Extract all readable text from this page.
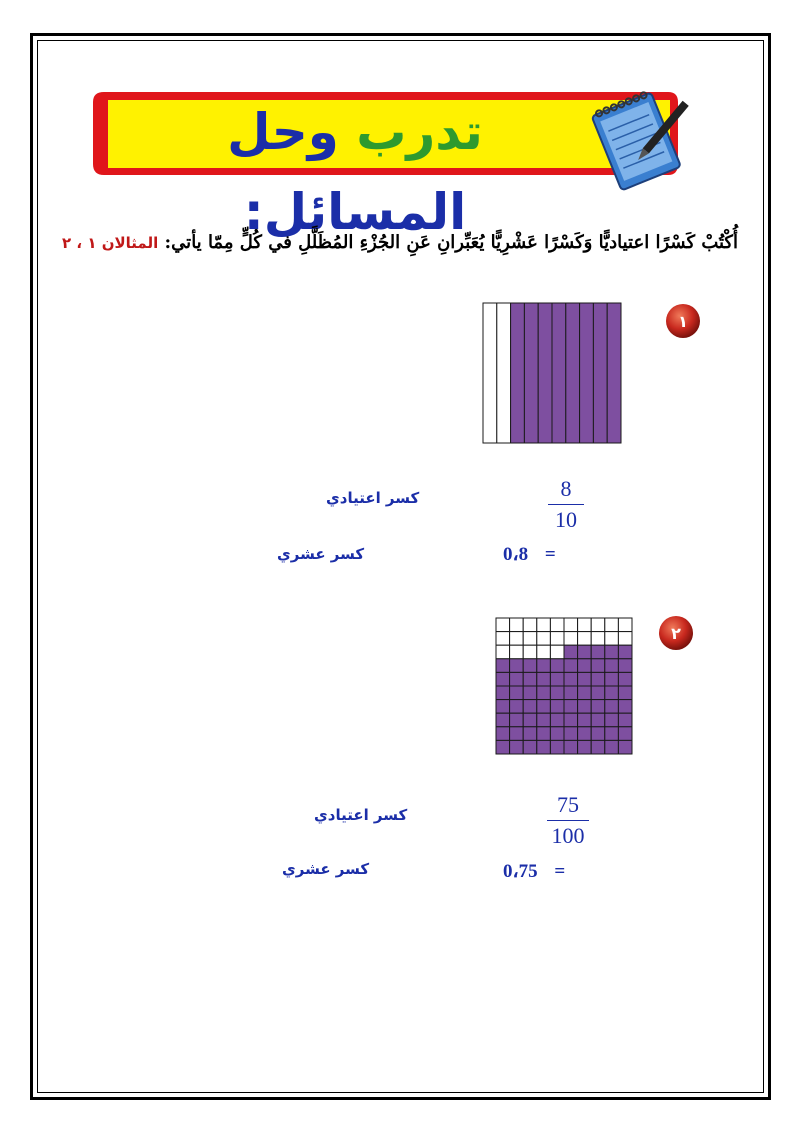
تدرب وحل المسائل:
أُكْتُبْ كَسْرًا اعتياديًّا وَكَسْرًا عَشْرِيًّا يُعَبِّرانِ عَنِ الجُزْءِ المُظَلَّلِ في كُلٍّ مِمّا يأتي: المثالان ١ ، ٢
١
8
10
كسر اعتيادي
0،8 =
كسر عشري
٢
75
100
كسر اعتيادي
0،75 =
كسر عشري
